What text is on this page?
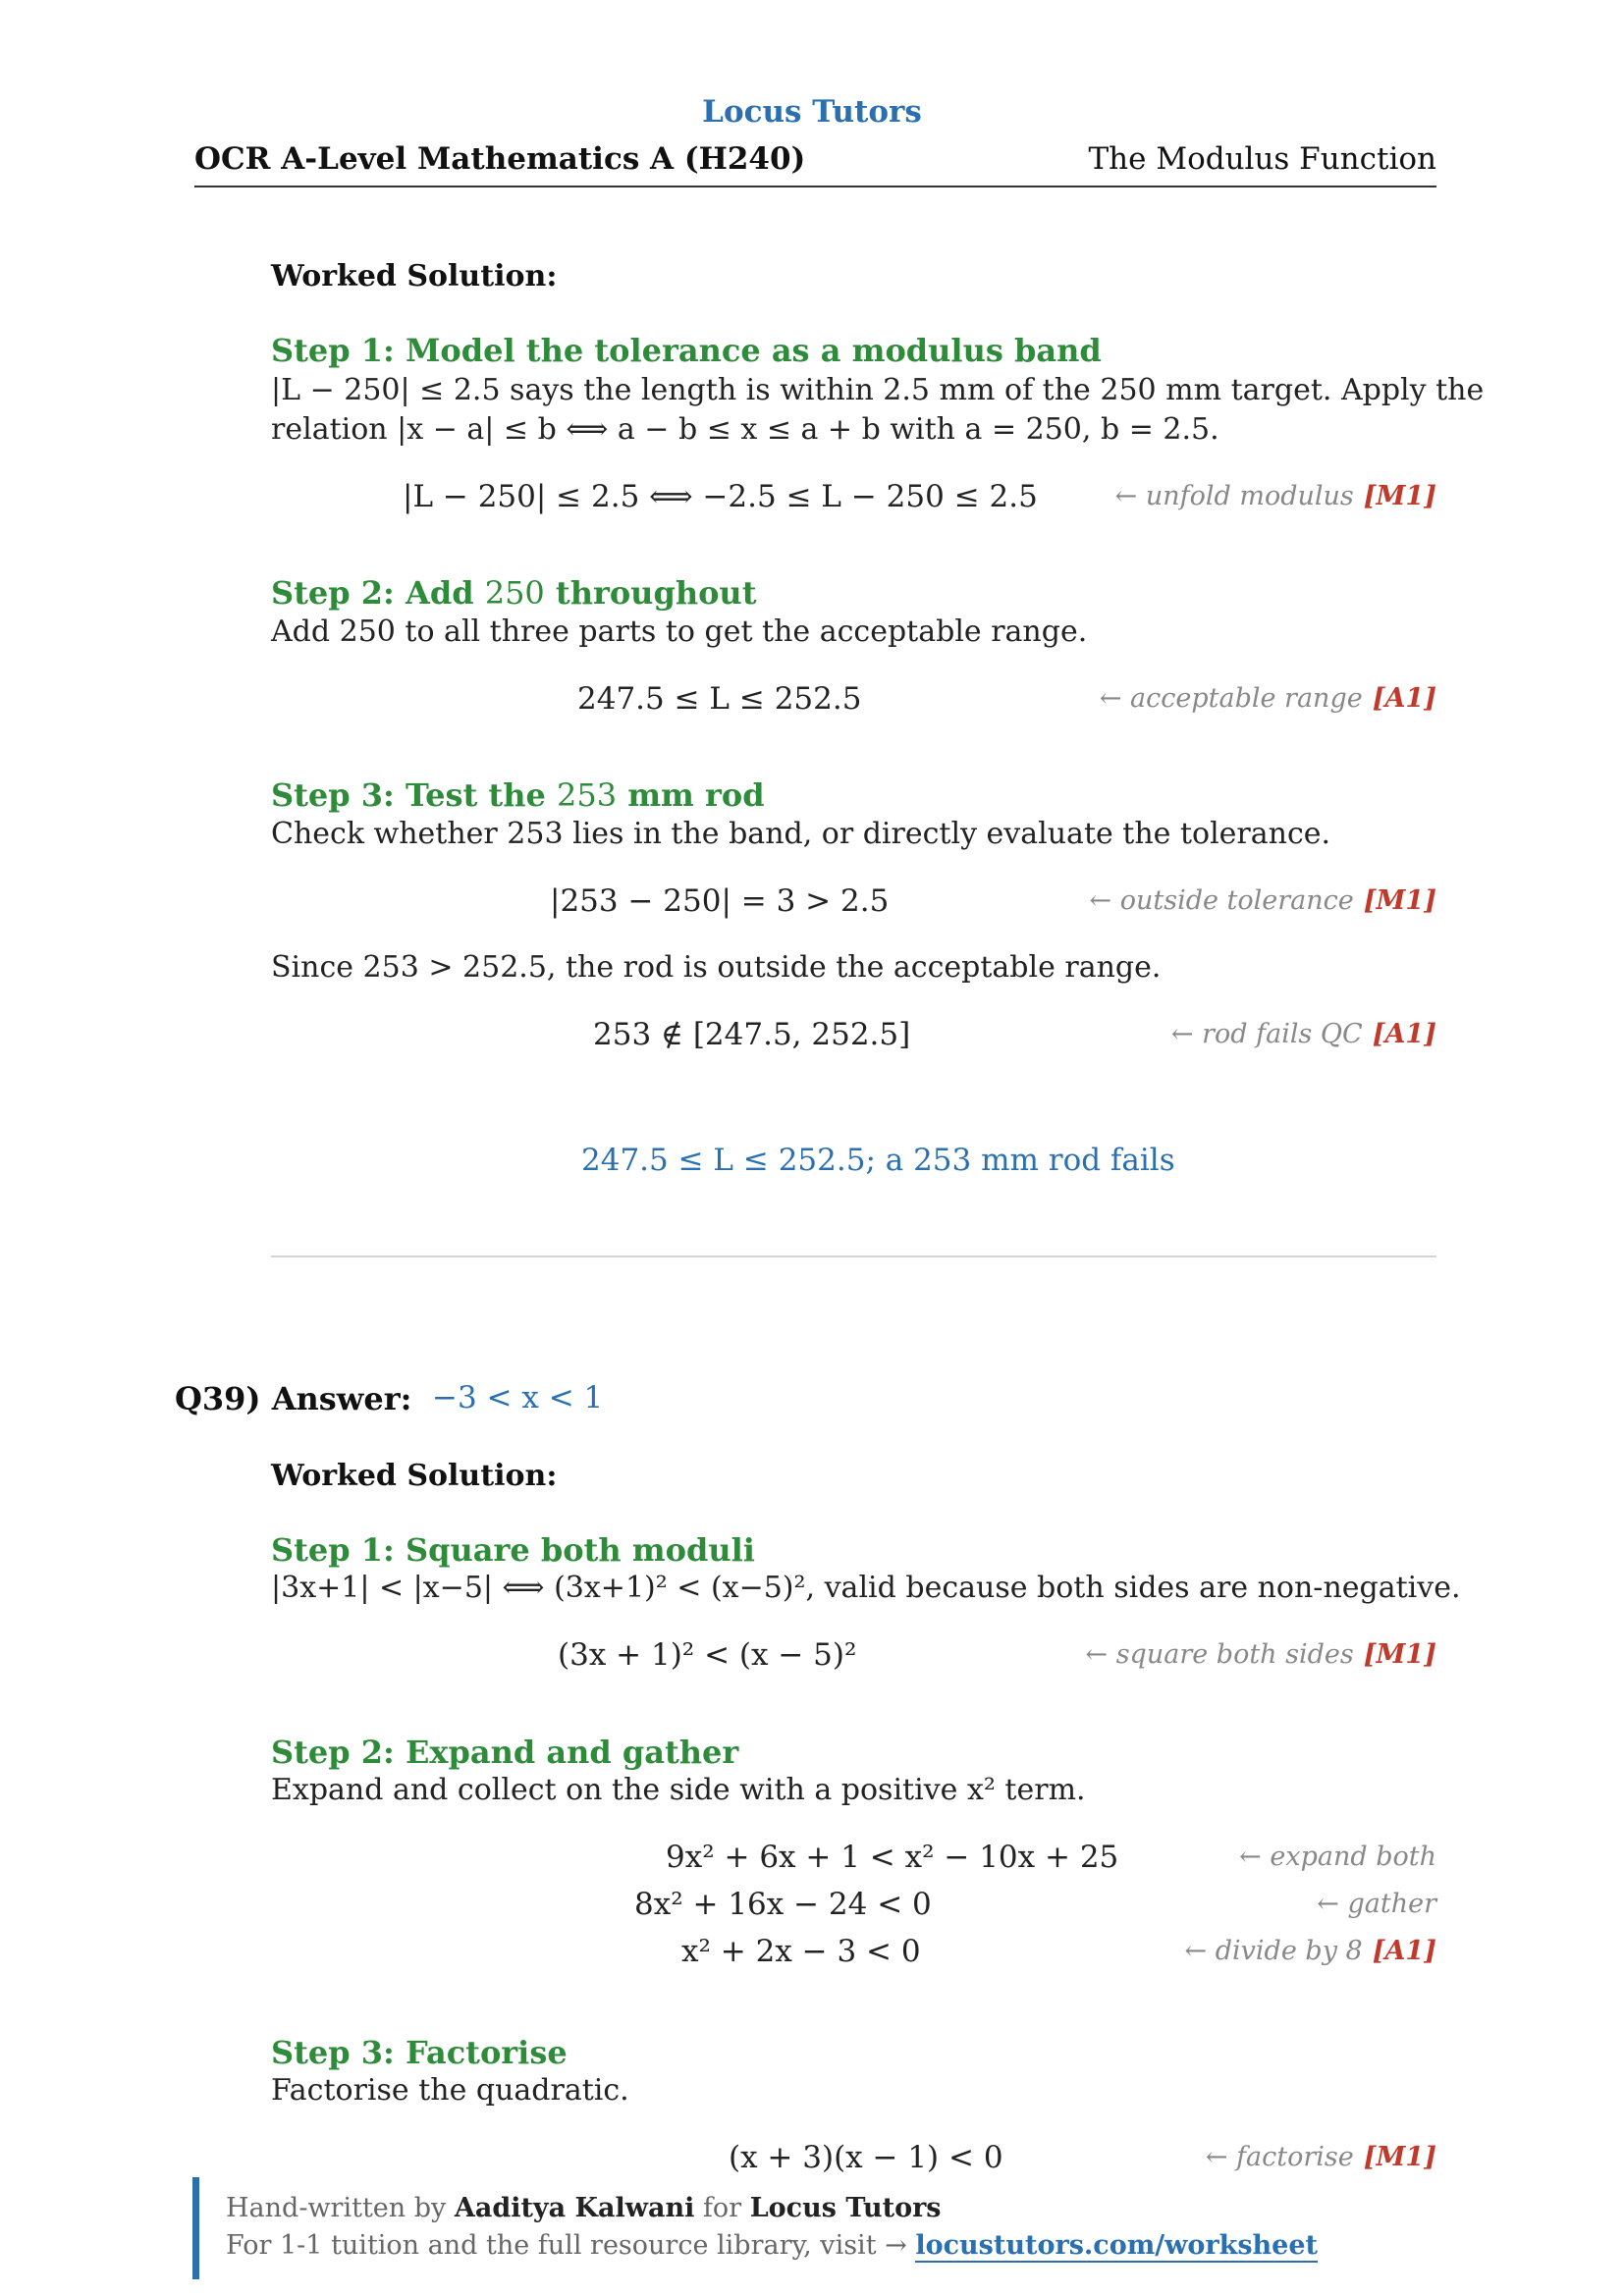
Locus Tutors
OCR A-Level Mathematics A (H240)	The Modulus Function
Worked Solution:
Step 1: Model the tolerance as a modulus band
|L − 250| ≤ 2.5 says the length is within 2.5 mm of the 250 mm target. Apply the
relation |x − a| ≤ b ⟺ a − b ≤ x ≤ a + b with a = 250, b = 2.5.
|L − 250| ≤ 2.5 ⟺ −2.5 ≤ L − 250 ≤ 2.5	← unfold modulus [M1]
Step 2: Add 250 throughout
Add 250 to all three parts to get the acceptable range.
247.5 ≤ L ≤ 252.5	← acceptable range [A1]
Step 3: Test the 253 mm rod
Check whether 253 lies in the band, or directly evaluate the tolerance.
|253 − 250| = 3 > 2.5	← outside tolerance [M1]
Since 253 > 252.5, the rod is outside the acceptable range.
253 ∉ [247.5, 252.5]	← rod fails QC [A1]
247.5 ≤ L ≤ 252.5; a 253 mm rod fails
Q39) Answer: −3 < x < 1
Worked Solution:
Step 1: Square both moduli
|3x+1| < |x−5| ⟺ (3x+1)² < (x−5)², valid because both sides are non-negative.
(3x + 1)² < (x − 5)²	← square both sides [M1]
Step 2: Expand and gather
Expand and collect on the side with a positive x² term.
9x² + 6x + 1 < x² − 10x + 25	← expand both
8x² + 16x − 24 < 0	← gather
x² + 2x − 3 < 0	← divide by 8 [A1]
Step 3: Factorise
Factorise the quadratic.
(x + 3)(x − 1) < 0	← factorise [M1]
Hand-written by Aaditya Kalwani for Locus Tutors
For 1-1 tuition and the full resource library, visit → locustutors.com/worksheet
